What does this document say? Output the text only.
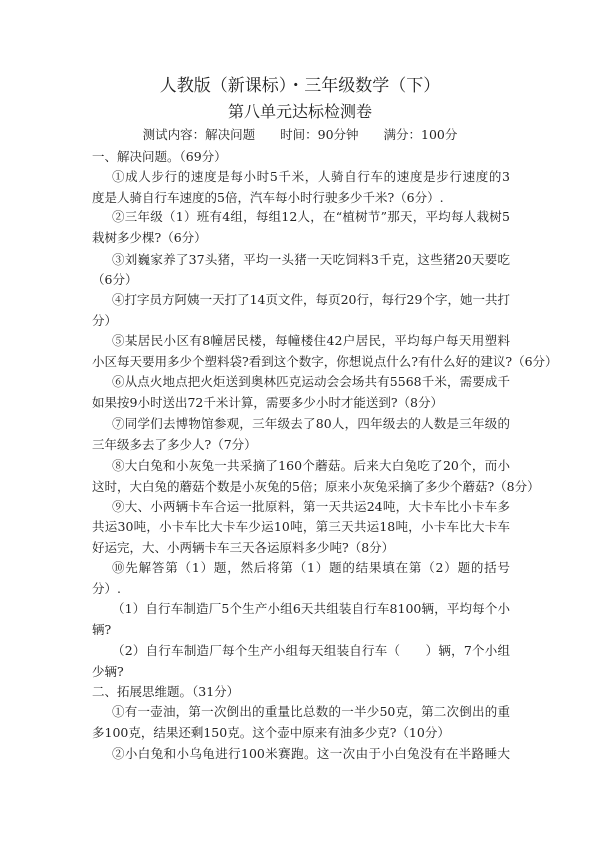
人教版（新课标）・三年级数学（下）
第八单元达标检测卷
测试内容：解决问题　　时间：90分钟　　满分：100分
一、解决问题。（69分）
①成人步行的速度是每小时5千米，人骑自行车的速度是步行速度的3
度是人骑自行车速度的5倍，汽车每小时行驶多少千米?（6分）.
②三年级（1）班有4组，每组12人，在“植树节”那天，平均每人栽树5
栽树多少棵?（6分）
③刘巍家养了37头猪，平均一头猪一天吃饲料3千克，这些猪20天要吃
（6分）
④打字员方阿姨一天打了14页文件，每页20行，每行29个字，她一共打
分）
⑤某居民小区有8幢居民楼，每幢楼住42户居民，平均每户每天用塑料
小区每天要用多少个塑料袋?看到这个数字，你想说点什么?有什么好的建议?（6分）
⑥从点火地点把火炬送到奥林匹克运动会会场共有5568千米，需要成千
如果按9小时送出72千米计算，需要多少小时才能送到?（8分）
⑦同学们去博物馆参观，三年级去了80人，四年级去的人数是三年级的
三年级多去了多少人?（7分）
⑧大白兔和小灰兔一共采摘了160个蘑菇。后来大白兔吃了20个，而小
这时，大白兔的蘑菇个数是小灰兔的5倍；原来小灰兔采摘了多少个蘑菇?（8分）
⑨大、小两辆卡车合运一批原料，第一天共运24吨，大卡车比小卡车多
共运30吨，小卡车比大卡车少运10吨，第三天共运18吨，小卡车比大卡车
好运完，大、小两辆卡车三天各运原料多少吨?（8分）
⑩先解答第（1）题，然后将第（1）题的结果填在第（2）题的括号
分）.
（1）自行车制造厂5个生产小组6天共组装自行车8100辆，平均每个小
辆?
（2）自行车制造厂每个生产小组每天组装自行车（　　）辆，7个小组
少辆?
二、拓展思维题。（31分）
①有一壶油，第一次倒出的重量比总数的一半少50克，第二次倒出的重
多100克，结果还剩150克。这个壶中原来有油多少克?（10分）
②小白兔和小乌龟进行100米赛跑。这一次由于小白兔没有在半路睡大
